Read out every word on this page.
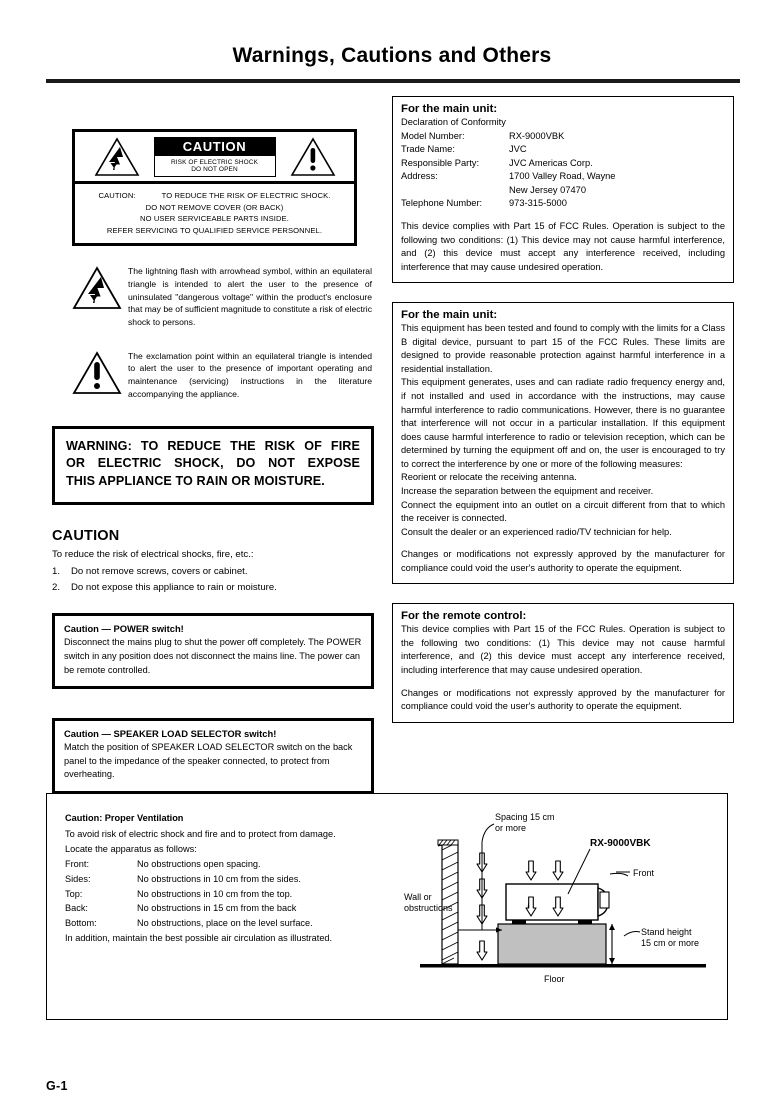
Warnings, Cautions and Others
CAUTION
RISK OF ELECTRIC SHOCK
DO NOT OPEN
CAUTION:	TO REDUCE THE RISK OF ELECTRIC SHOCK.
DO NOT REMOVE COVER (OR BACK)
NO USER SERVICEABLE PARTS INSIDE.
REFER SERVICING TO QUALIFIED SERVICE PERSONNEL.
The lightning flash with arrowhead symbol, within an equilateral triangle is intended to alert the user to the presence of uninsulated "dangerous voltage" within the product's enclosure that may be of sufficient magnitude to constitute a risk of electric shock to persons.
The exclamation point within an equilateral triangle is intended to alert the user to the presence of important operating and maintenance (servicing) instructions in the literature accompanying the appliance.
WARNING: TO REDUCE THE RISK OF FIRE
OR ELECTRIC SHOCK, DO NOT EXPOSE
THIS APPLIANCE TO RAIN OR MOISTURE.
CAUTION
To reduce the risk of electrical shocks, fire, etc.:
1.	Do not remove screws, covers or cabinet.
2.	Do not expose this appliance to rain or moisture.
Caution — POWER switch!
Disconnect the mains plug to shut the power off completely. The POWER switch in any position does not disconnect the mains line. The power can be remote controlled.
Caution — SPEAKER LOAD SELECTOR switch!
Match the position of SPEAKER LOAD SELECTOR switch on the back panel to the impedance of the speaker connected, to protect from overheating.
For the main unit:
Declaration of Conformity
Model Number:	RX-9000VBK
Trade Name:	JVC
Responsible Party:	JVC Americas Corp.
Address:	1700 Valley Road, Wayne
New Jersey 07470
Telephone Number:	973-315-5000
This device complies with Part 15 of FCC Rules. Operation is subject to the following two conditions: (1) This device may not cause harmful interference, and (2) this device must accept any interference received, including interference that may cause undesired operation.
For the main unit:
This equipment has been tested and found to comply with the limits for a Class B digital device, pursuant to part 15 of the FCC Rules. These limits are designed to provide reasonable protection against harmful interference in a residential installation.
This equipment generates, uses and can radiate radio frequency energy and, if not installed and used in accordance with the instructions, may cause harmful interference to radio communications. However, there is no guarantee that interference will not occur in a particular installation. If this equipment does cause harmful interference to radio or television reception, which can be determined by turning the equipment off and on, the user is encouraged to try to correct the interference by one or more of the following measures:
Reorient or relocate the receiving antenna.
Increase the separation between the equipment and receiver.
Connect the equipment into an outlet on a circuit different from that to which the receiver is connected.
Consult the dealer or an experienced radio/TV technician for help.
Changes or modifications not expressly approved by the manufacturer for compliance could void the user's authority to operate the equipment.
For the remote control:
This device complies with Part 15 of the FCC Rules. Operation is subject to the following two conditions: (1) This device may not cause harmful interference, and (2) this device must accept any interference received, including interference that may cause undesired operation.
Changes or modifications not expressly approved by the manufacturer for compliance could void the user's authority to operate the equipment.
Caution: Proper Ventilation
To avoid risk of electric shock and fire and to protect from damage.
Locate the apparatus as follows:
Front:	No obstructions open spacing.
Sides:	No obstructions in 10 cm from the sides.
Top:	No obstructions in 10 cm from the top.
Back:	No obstructions in 15 cm from the back
Bottom:	No obstructions, place on the level surface.
In addition, maintain the best possible air circulation as illustrated.
Spacing 15 cm
or more
Wall or
obstructions
RX-9000VBK
Front
Stand height
15 cm or more
Floor
G-1
